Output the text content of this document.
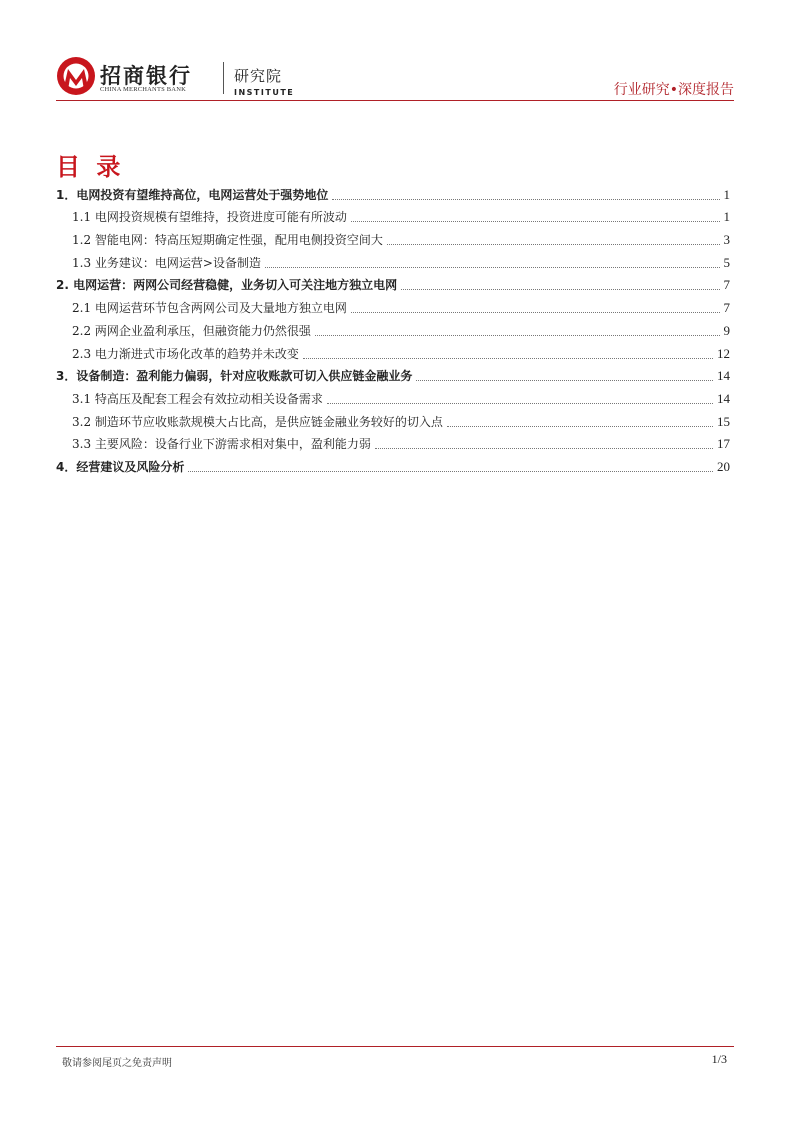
招商银行
CHINA MERCHANTS BANK
研究院
INSTITUTE	行业研究•深度报告
目 录
1．电网投资有望维持高位，电网运营处于强势地位	1
1.1 电网投资规模有望维持，投资进度可能有所波动	1
1.2 智能电网：特高压短期确定性强，配用电侧投资空间大	3
1.3 业务建议：电网运营>设备制造	5
2. 电网运营：两网公司经营稳健，业务切入可关注地方独立电网	7
2.1 电网运营环节包含两网公司及大量地方独立电网	7
2.2 两网企业盈利承压，但融资能力仍然很强	9
2.3 电力渐进式市场化改革的趋势并未改变	12
3．设备制造：盈利能力偏弱，针对应收账款可切入供应链金融业务	14
3.1 特高压及配套工程会有效拉动相关设备需求	14
3.2 制造环节应收账款规模大占比高，是供应链金融业务较好的切入点	15
3.3 主要风险：设备行业下游需求相对集中，盈利能力弱	17
4．经营建议及风险分析	20
敬请参阅尾页之免责声明	1/3
